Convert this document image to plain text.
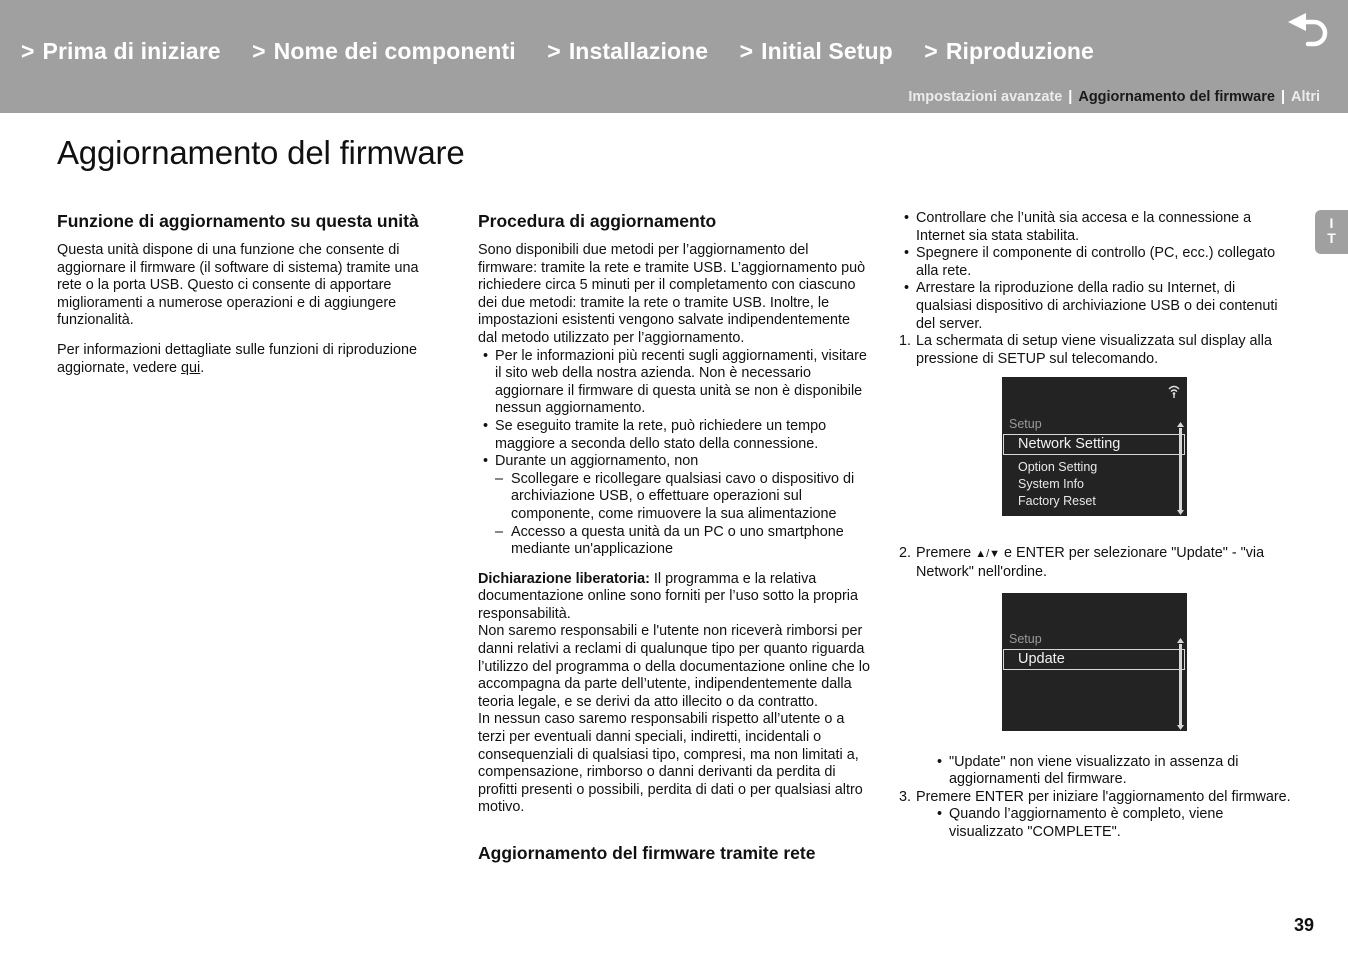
> Prima di iniziare > Nome dei componenti > Installazione > Initial Setup > Riproduzione
Impostazioni avanzate | Aggiornamento del firmware | Altri
Aggiornamento del firmware
Funzione di aggiornamento su questa unità

Questa unità dispone di una funzione che consente di aggiornare il firmware (il software di sistema) tramite una rete o la porta USB. Questo ci consente di apportare miglioramenti a numerose operazioni e di aggiungere funzionalità.

Per informazioni dettagliate sulle funzioni di riproduzione aggiornate, vedere qui.

Procedura di aggiornamento
Sono disponibili due metodi per l’aggiornamento del firmware: tramite la rete e tramite USB. L’aggiornamento può richiedere circa 5 minuti per il completamento con ciascuno dei due metodi: tramite la rete o tramite USB. Inoltre, le impostazioni esistenti vengono salvate indipendentemente dal metodo utilizzato per l’aggiornamento.
• Per le informazioni più recenti sugli aggiornamenti, visitare il sito web della nostra azienda. Non è necessario aggiornare il firmware di questa unità se non è disponibile nessun aggiornamento.
• Se eseguito tramite la rete, può richiedere un tempo maggiore a seconda dello stato della connessione.
• Durante un aggiornamento, non
– Scollegare e ricollegare qualsiasi cavo o dispositivo di archiviazione USB, o effettuare operazioni sul componente, come rimuovere la sua alimentazione
– Accesso a questa unità da un PC o uno smartphone mediante un'applicazione
Dichiarazione liberatoria: Il programma e la relativa documentazione online sono forniti per l’uso sotto la propria responsabilità.
Non saremo responsabili e l'utente non riceverà rimborsi per danni relativi a reclami di qualunque tipo per quanto riguarda l’utilizzo del programma o della documentazione online che lo accompagna da parte dell’utente, indipendentemente dalla teoria legale, e se derivi da atto illecito o da contratto.
In nessun caso saremo responsabili rispetto all’utente o a terzi per eventuali danni speciali, indiretti, incidentali o consequenziali di qualsiasi tipo, compresi, ma non limitati a, compensazione, rimborso o danni derivanti da perdita di profitti presenti o possibili, perdita di dati o per qualsiasi altro motivo.
Aggiornamento del firmware tramite rete
• Controllare che l’unità sia accesa e la connessione a Internet sia stata stabilita.
• Spegnere il componente di controllo (PC, ecc.) collegato alla rete.
• Arrestare la riproduzione della radio su Internet, di qualsiasi dispositivo di archiviazione USB o dei contenuti del server.
1. La schermata di setup viene visualizzata sul display alla pressione di SETUP sul telecomando.
Setup
Network Setting
Option Setting
System Info
Factory Reset
2. Premere ▲/▼ e ENTER per selezionare "Update" - "via Network" nell'ordine.
Setup
Update
• "Update" non viene visualizzato in assenza di aggiornamenti del firmware.
3. Premere ENTER per iniziare l'aggiornamento del firmware.
• Quando l’aggiornamento è completo, viene visualizzato "COMPLETE".
I
T
39
